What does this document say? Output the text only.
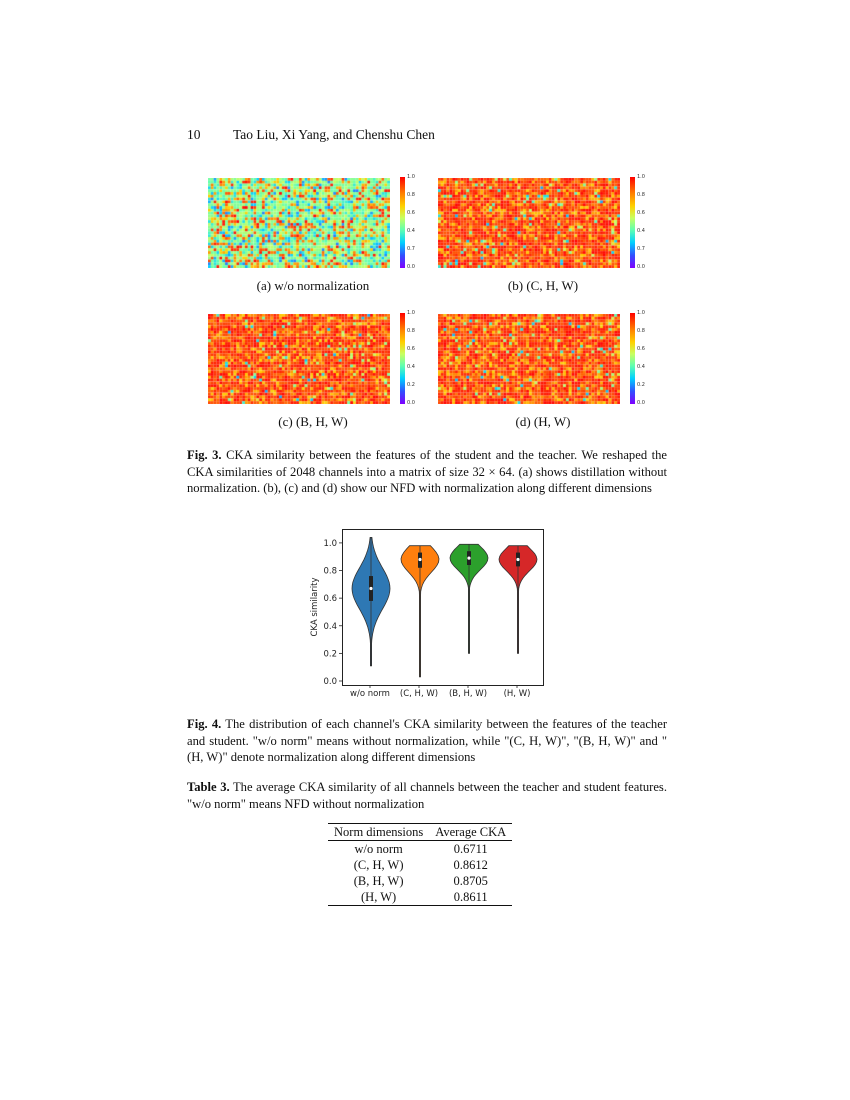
10 Tao Liu, Xi Yang, and Chenshu Chen
1.0
0.8
0.6
0.4
0.7
0.0
1.0
0.8
0.6
0.4
0.7
0.0
1.0
0.8
0.6
0.4
0.2
0.0
1.0
0.8
0.6
0.4
0.2
0.0
(a) w/o normalization	(b) (C, H, W)
(c) (B, H, W)	(d) (H, W)
Fig. 3. CKA similarity between the features of the student and the teacher. We reshaped the CKA similarities of 2048 channels into a matrix of size 32 × 64. (a) shows distillation without normalization. (b), (c) and (d) show our NFD with normalization along different dimensions
0.0
0.2
0.4
0.6
0.8
1.0
w/o norm (C, H, W) (B, H, W) (H, W)
CKA similarity
Fig. 4. The distribution of each channel's CKA similarity between the features of the teacher and student. "w/o norm" means without normalization, while "(C, H, W)", "(B, H, W)" and "(H, W)" denote normalization along different dimensions
Table 3. The average CKA similarity of all channels between the teacher and student features. "w/o norm" means NFD without normalization
Norm dimensions	Average CKA
w/o norm	0.6711
(C, H, W)	0.8612
(B, H, W)	0.8705
(H, W)	0.8611
